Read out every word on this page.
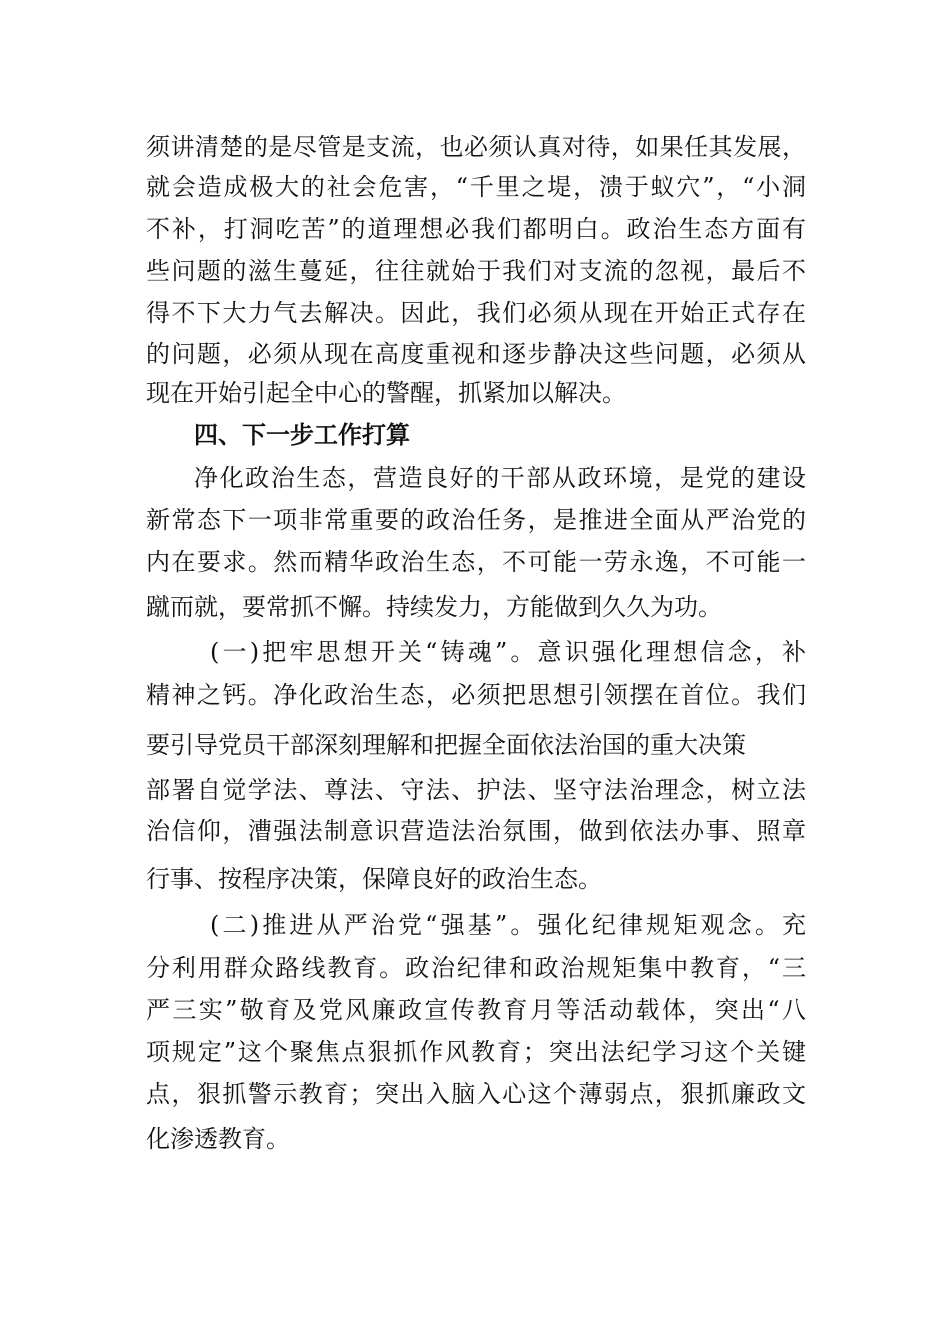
须讲清楚的是尽管是支流，也必须认真对待，如果任其发展，
就会造成极大的社会危害，“千里之堤，溃于蚁穴”，“小洞
不补，打洞吃苦”的道理想必我们都明白。政治生态方面有
些问题的滋生蔓延，往往就始于我们对支流的忽视，最后不
得不下大力气去解决。因此，我们必须从现在开始正式存在
的问题，必须从现在高度重视和逐步静决这些问题，必须从
现在开始引起全中心的警醒，抓紧加以解决。
四、下一步工作打算
净化政治生态，营造良好的干部从政环境，是党的建设
新常态下一项非常重要的政治任务，是推进全面从严治党的
内在要求。然而精华政治生态，不可能一劳永逸，不可能一
蹴而就，要常抓不懈。持续发力，方能做到久久为功。
(一)把牢思想开关“铸魂”。意识强化理想信念，补
精神之钙。净化政治生态，必须把思想引领摆在首位。我们
要引导党员干部深刻理解和把握全面依法治国的重大决策
部署自觉学法、尊法、守法、护法、坚守法治理念，树立法
治信仰，漕强法制意识营造法治氛围，做到依法办事、照章
行事、按程序决策，保障良好的政治生态。
(二)推进从严治党“强基”。强化纪律规矩观念。充
分利用群众路线教育。政治纪律和政治规矩集中教育，“三
严三实”敬育及党风廉政宣传教育月等活动载体，突出“八
项规定”这个聚焦点狠抓作风教育；突出法纪学习这个关键
点，狠抓警示教育；突出入脑入心这个薄弱点，狠抓廉政文
化渗透教育。
